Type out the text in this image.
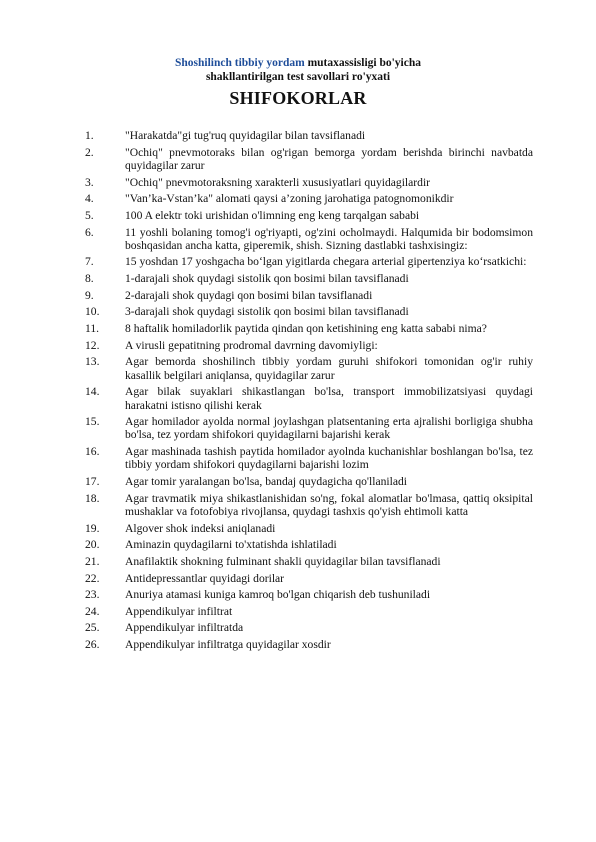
Shoshilinch tibbiy yordam mutaxassisligi bo'yicha
shakllantirilgan test savollari ro'yxati
SHIFOKORLAR
1.	"Harakatda"gi tug'ruq quyidagilar bilan tavsiflanadi
2.	"Ochiq" pnevmotoraks bilan og'rigan bemorga yordam berishda birinchi navbatda quyidagilar zarur
3.	"Ochiq" pnevmotoraksning xarakterli xususiyatlari quyidagilardir
4.	"Van’ka-Vstan’ka" alomati qaysi a’zoning jarohatiga patognomonikdir
5.	100 A elektr toki urishidan o'limning eng keng tarqalgan sababi
6.	11 yoshli bolaning tomog'i og'riyapti, og'zini ocholmaydi. Halqumida bir bodomsimon boshqasidan ancha katta, giperemik, shish. Sizning dastlabki tashxisingiz:
7.	15 yoshdan 17 yoshgacha bo‘lgan yigitlarda chegara arterial gipertenziya ko‘rsatkichi:
8.	1-darajali shok quydagi sistolik qon bosimi bilan tavsiflanadi
9.	2-darajali shok quydagi qon bosimi bilan tavsiflanadi
10.	3-darajali shok quydagi sistolik qon bosimi bilan tavsiflanadi
11.	8 haftalik homiladorlik paytida qindan qon ketishining eng katta sababi nima?
12.	A virusli gepatitning prodromal davrning davomiyligi:
13.	Agar bemorda shoshilinch tibbiy yordam guruhi shifokori tomonidan og'ir ruhiy kasallik belgilari aniqlansa, quyidagilar zarur
14.	Agar bilak suyaklari shikastlangan bo'lsa, transport immobilizatsiyasi quydagi harakatni istisno qilishi kerak
15.	Agar homilador ayolda normal joylashgan platsentaning erta ajralishi borligiga shubha bo'lsa, tez yordam shifokori quyidagilarni bajarishi kerak
16.	Agar mashinada tashish paytida homilador ayolnda kuchanishlar boshlangan bo'lsa, tez tibbiy yordam shifokori quydagilarni bajarishi lozim
17.	Agar tomir yaralangan bo'lsa, bandaj quydagicha qo'llaniladi
18.	Agar travmatik miya shikastlanishidan so'ng, fokal alomatlar bo'lmasa, qattiq oksipital mushaklar va fotofobiya rivojlansa, quydagi tashxis qo'yish ehtimoli katta
19.	Algover shok indeksi aniqlanadi
20.	Aminazin quydagilarni to'xtatishda ishlatiladi
21.	Anafilaktik shokning fulminant shakli quyidagilar bilan tavsiflanadi
22.	Antidepressantlar quyidagi dorilar
23.	Anuriya atamasi kuniga kamroq bo'lgan chiqarish deb tushuniladi
24.	Appendikulyar infiltrat
25.	Appendikulyar infiltratda
26.	Appendikulyar infiltratga quyidagilar xosdir
